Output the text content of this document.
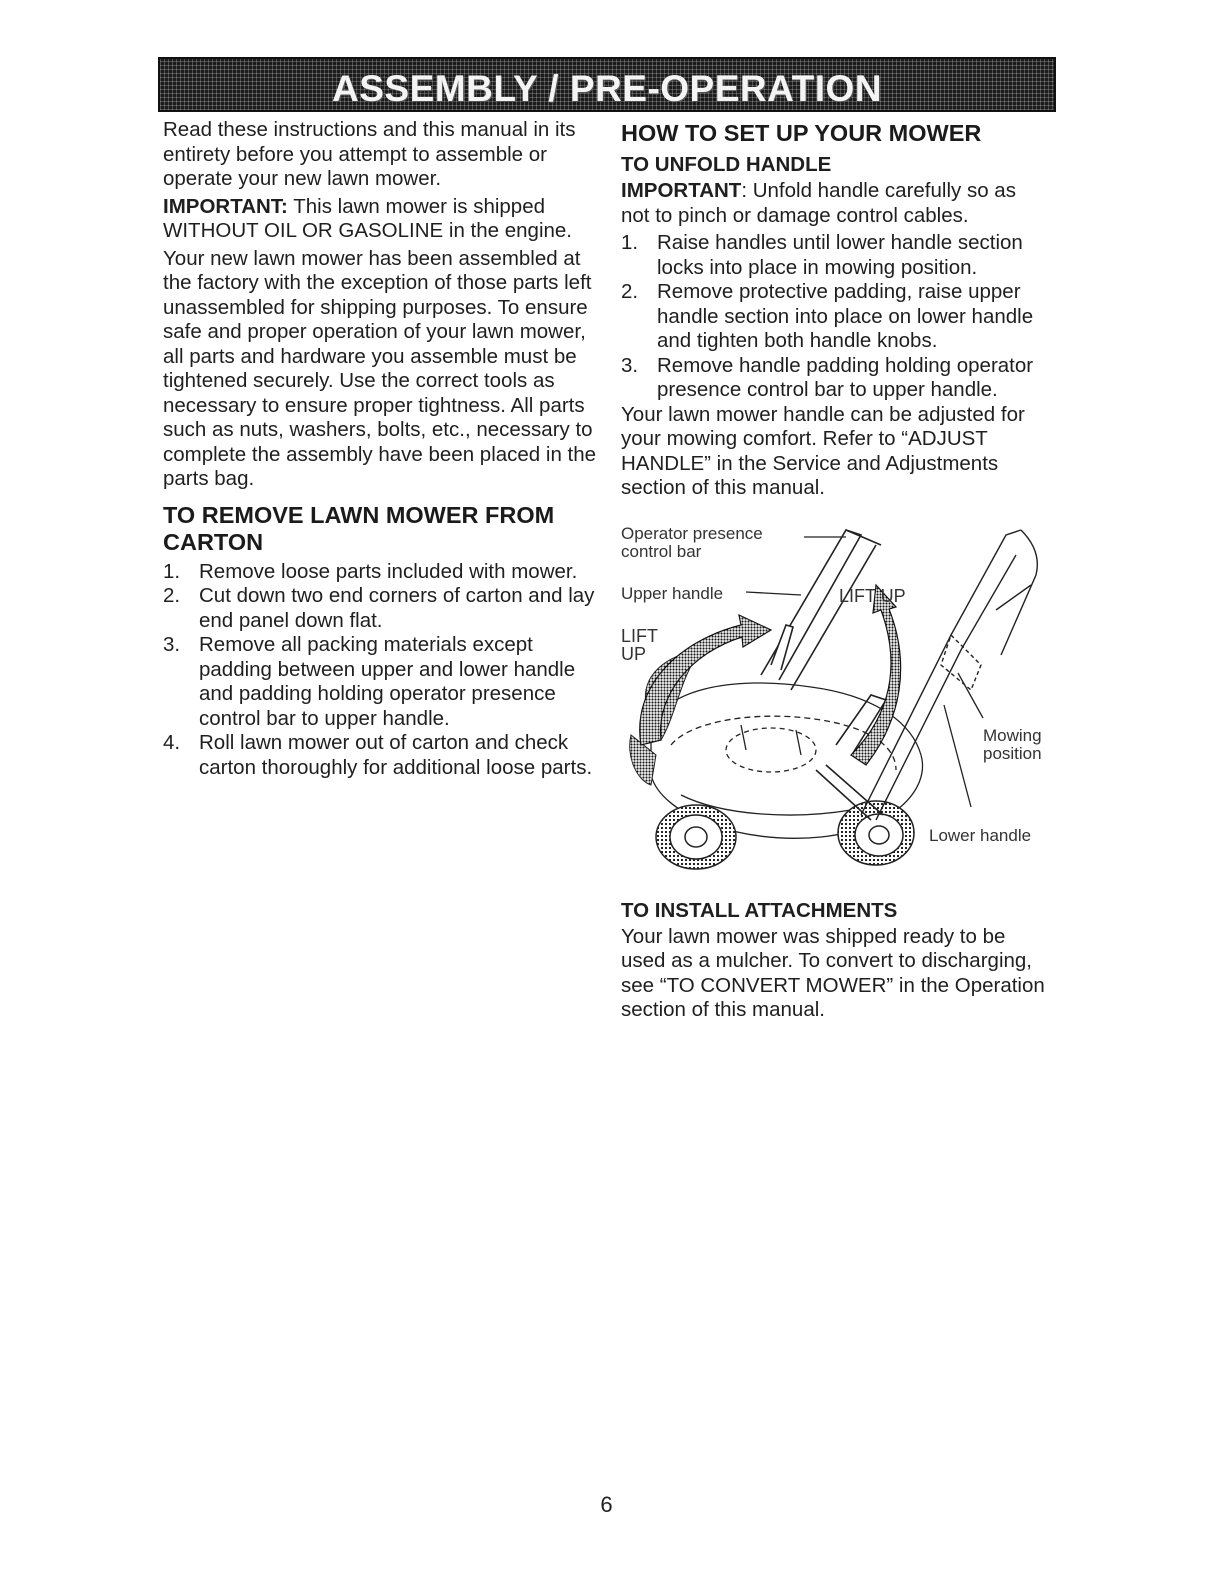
ASSEMBLY / PRE-OPERATION

Read these instructions and this manual in its entirety before you attempt to assemble or operate your new lawn mower.

IMPORTANT: This lawn mower is shipped WITHOUT OIL OR GASOLINE in the engine.

Your new lawn mower has been assembled at the factory with the exception of those parts left unassembled for shipping purposes. To ensure safe and proper operation of your lawn mower, all parts and hardware you assemble must be tightened securely. Use the correct tools as necessary to ensure proper tightness. All parts such as nuts, washers, bolts, etc., necessary to complete the assembly have been placed in the parts bag.

TO REMOVE LAWN MOWER FROM CARTON
1. Remove loose parts included with mower.
2. Cut down two end corners of carton and lay end panel down flat.
3. Remove all packing materials except padding between upper and lower handle and padding holding operator presence control bar to upper handle.
4. Roll lawn mower out of carton and check carton thoroughly for additional loose parts.
HOW TO SET UP YOUR MOWER
TO UNFOLD HANDLE

IMPORTANT: Unfold handle carefully so as not to pinch or damage control cables.

1. Raise handles until lower handle section locks into place in mowing position.
2. Remove protective padding, raise upper handle section into place on lower handle and tighten both handle knobs.
3. Remove handle padding holding operator presence control bar to upper handle.

Your lawn mower handle can be adjusted for your mowing comfort. Refer to “ADJUST HANDLE” in the Service and Adjustments section of this manual.

Operator presence control bar
Upper handle	LIFT UP
LIFT UP
Mowing position
Lower handle
TO INSTALL ATTACHMENTS

Your lawn mower was shipped ready to be used as a mulcher. To convert to discharging, see “TO CONVERT MOWER” in the Operation section of this manual.

6
